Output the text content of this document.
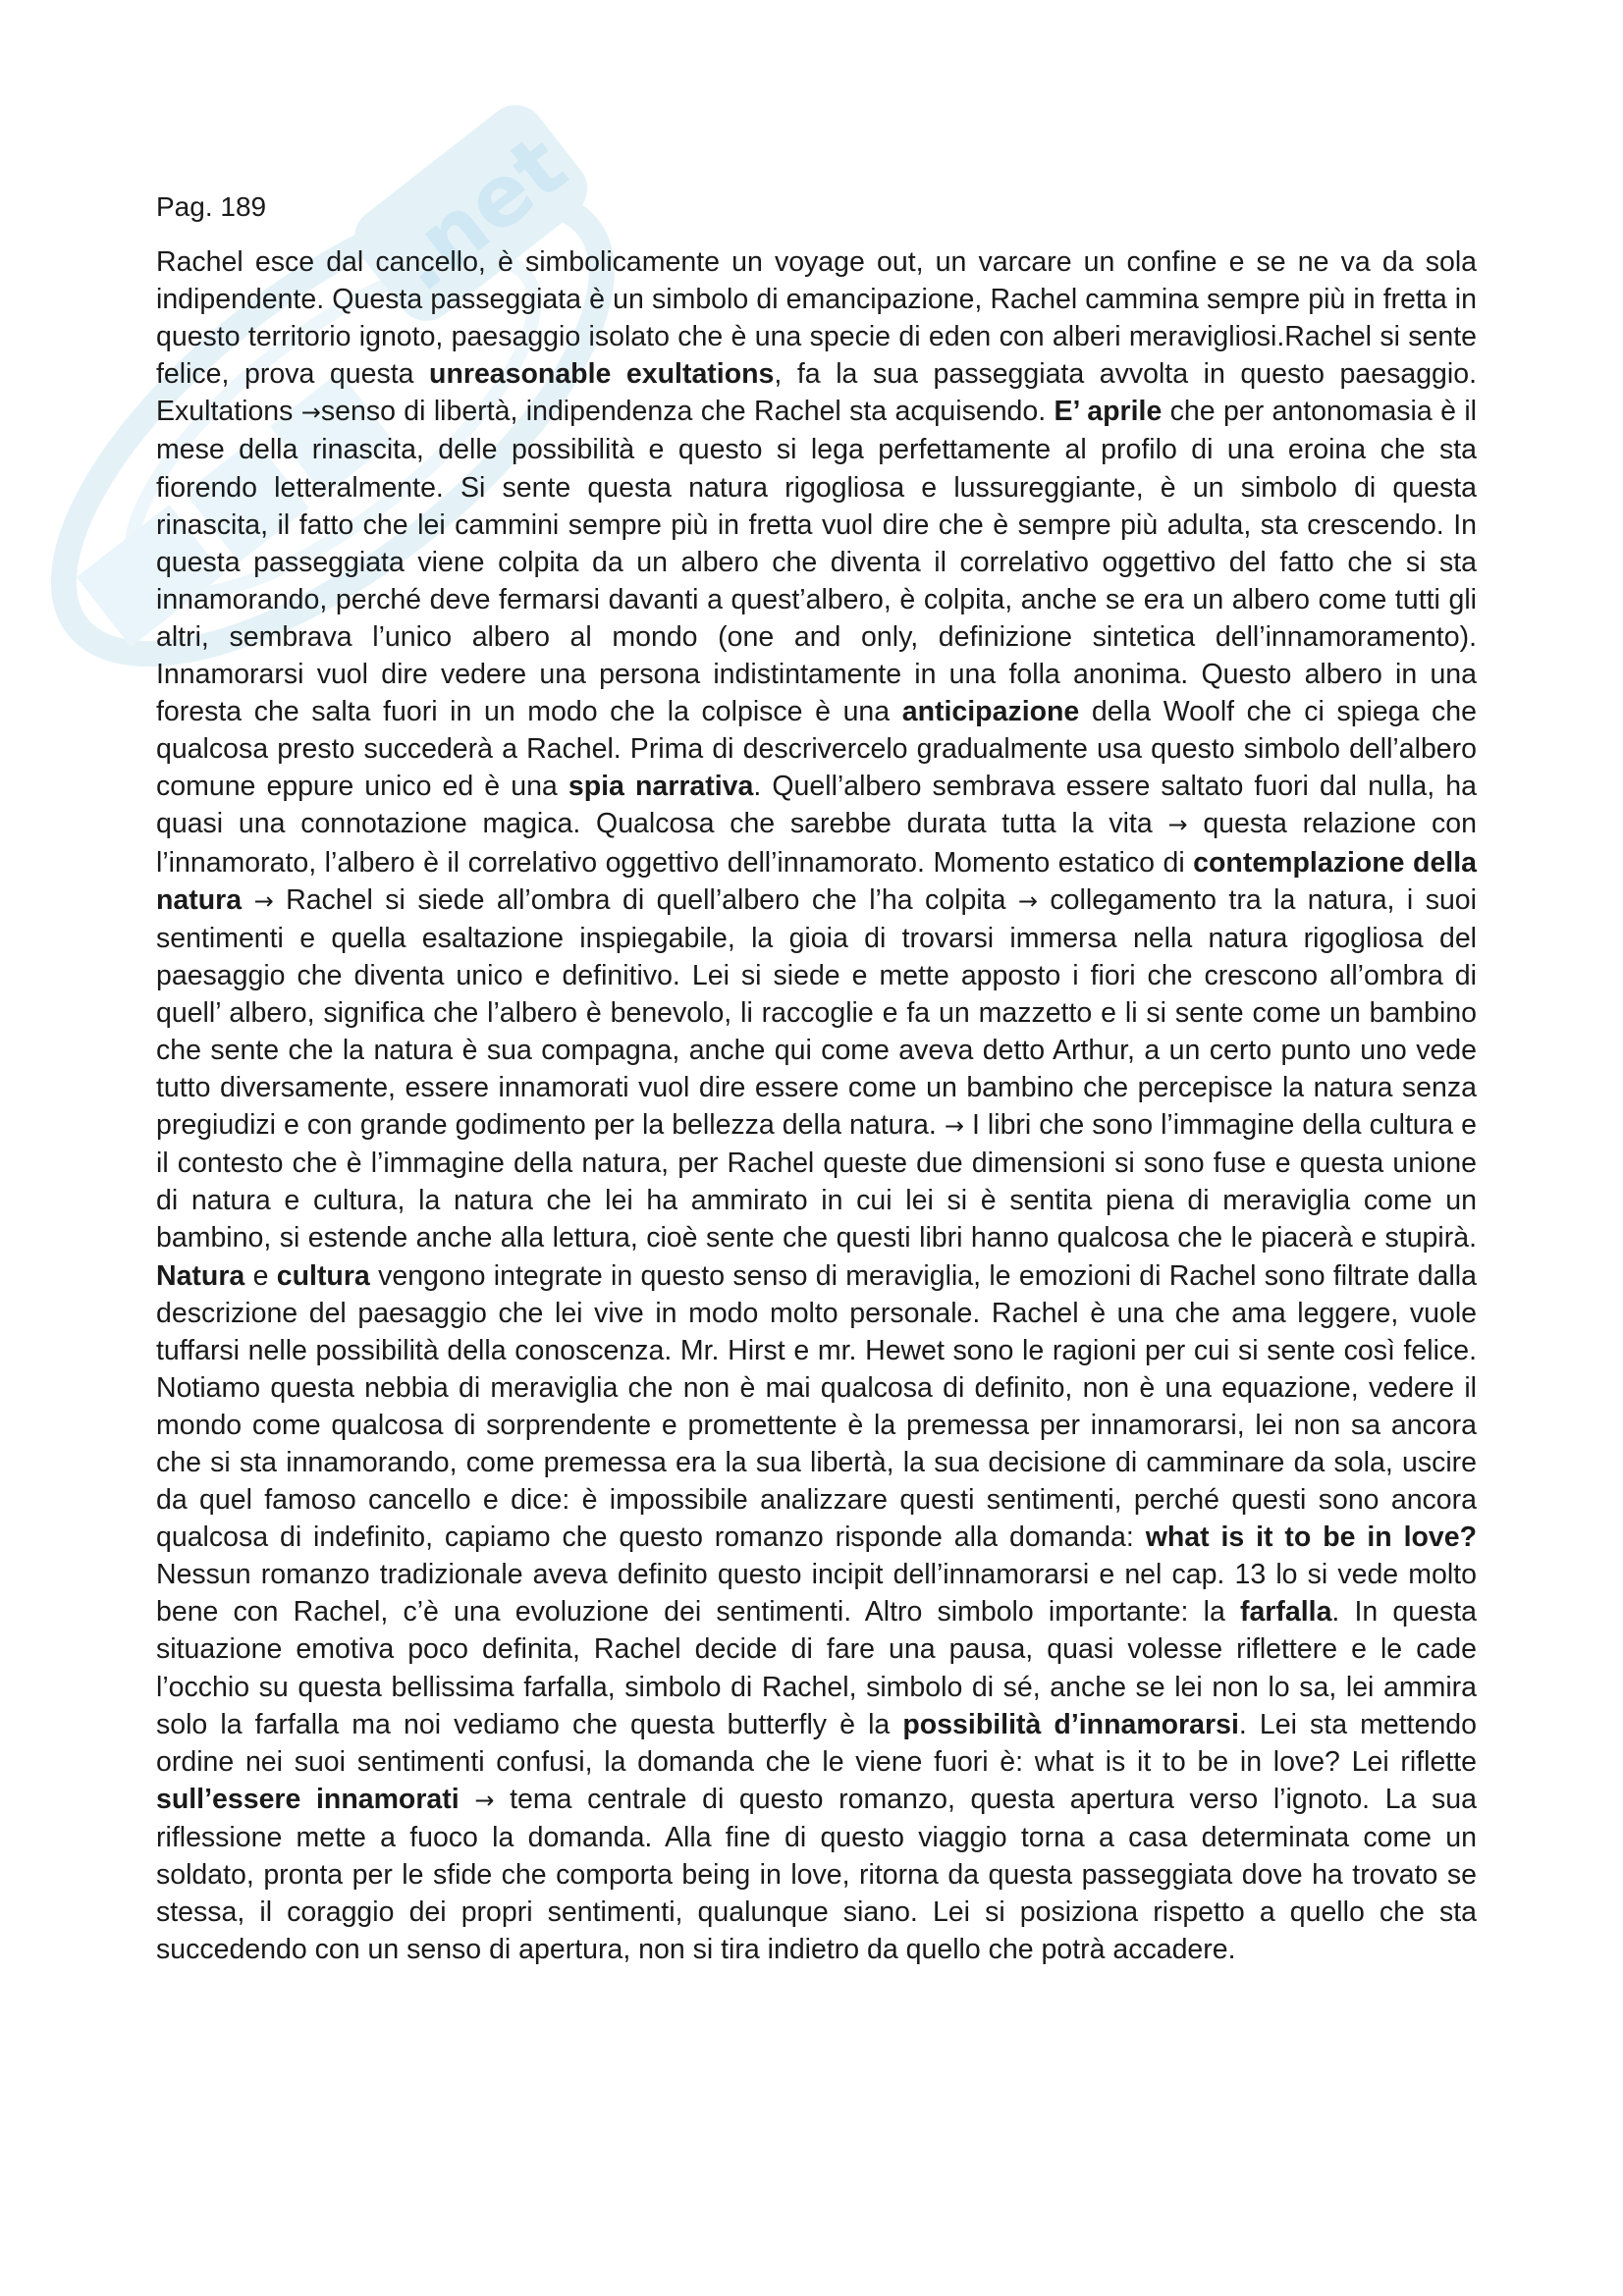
.net
Pag. 189

Rachel esce dal cancello, è simbolicamente un voyage out, un varcare un confine e se ne va da sola indipendente. Questa passeggiata è un simbolo di emancipazione, Rachel cammina sempre più in fretta in questo territorio ignoto, paesaggio isolato che è una specie di eden con alberi meravigliosi.Rachel si sente felice, prova questa unreasonable exultations, fa la sua passeggiata avvolta in questo paesaggio. Exultations →senso di libertà, indipendenza che Rachel sta acquisendo. E’ aprile che per antonomasia è il mese della rinascita, delle possibilità e questo si lega perfettamente al profilo di una eroina che sta fiorendo letteralmente. Si sente questa natura rigogliosa e lussureggiante, è un simbolo di questa rinascita, il fatto che lei cammini sempre più in fretta vuol dire che è sempre più adulta, sta crescendo. In questa passeggiata viene colpita da un albero che diventa il correlativo oggettivo del fatto che si sta innamorando, perché deve fermarsi davanti a quest’albero, è colpita, anche se era un albero come tutti gli altri, sembrava l’unico albero al mondo (one and only, definizione sintetica dell’innamoramento). Innamorarsi vuol dire vedere una persona indistintamente in una folla anonima. Questo albero in una foresta che salta fuori in un modo che la colpisce è una anticipazione della Woolf che ci spiega che qualcosa presto succederà a Rachel. Prima di descrivercelo gradualmente usa questo simbolo dell’albero comune eppure unico ed è una spia narrativa. Quell’albero sembrava essere saltato fuori dal nulla, ha quasi una connotazione magica. Qualcosa che sarebbe durata tutta la vita → questa relazione con l’innamorato, l’albero è il correlativo oggettivo dell’innamorato. Momento estatico di contemplazione della natura → Rachel si siede all’ombra di quell’albero che l’ha colpita → collegamento tra la natura, i suoi sentimenti e quella esaltazione inspiegabile, la gioia di trovarsi immersa nella natura rigogliosa del paesaggio che diventa unico e definitivo. Lei si siede e mette apposto i fiori che crescono all’ombra di quell’ albero, significa che l’albero è benevolo, li raccoglie e fa un mazzetto e li si sente come un bambino che sente che la natura è sua compagna, anche qui come aveva detto Arthur, a un certo punto uno vede tutto diversamente, essere innamorati vuol dire essere come un bambino che percepisce la natura senza pregiudizi e con grande godimento per la bellezza della natura. → I libri che sono l’immagine della cultura e il contesto che è l’immagine della natura, per Rachel queste due dimensioni si sono fuse e questa unione di natura e cultura, la natura che lei ha ammirato in cui lei si è sentita piena di meraviglia come un bambino, si estende anche alla lettura, cioè sente che questi libri hanno qualcosa che le piacerà e stupirà. Natura e cultura vengono integrate in questo senso di meraviglia, le emozioni di Rachel sono filtrate dalla descrizione del paesaggio che lei vive in modo molto personale. Rachel è una che ama leggere, vuole tuffarsi nelle possibilità della conoscenza. Mr. Hirst e mr. Hewet sono le ragioni per cui si sente così felice. Notiamo questa nebbia di meraviglia che non è mai qualcosa di definito, non è una equazione, vedere il mondo come qualcosa di sorprendente e promettente è la premessa per innamorarsi, lei non sa ancora che si sta innamorando, come premessa era la sua libertà, la sua decisione di camminare da sola, uscire da quel famoso cancello e dice: è impossibile analizzare questi sentimenti, perché questi sono ancora qualcosa di indefinito, capiamo che questo romanzo risponde alla domanda: what is it to be in love? Nessun romanzo tradizionale aveva definito questo incipit dell’innamorarsi e nel cap. 13 lo si vede molto bene con Rachel, c’è una evoluzione dei sentimenti. Altro simbolo importante: la farfalla. In questa situazione emotiva poco definita, Rachel decide di fare una pausa, quasi volesse riflettere e le cade l’occhio su questa bellissima farfalla, simbolo di Rachel, simbolo di sé, anche se lei non lo sa, lei ammira solo la farfalla ma noi vediamo che questa butterfly è la possibilità d’innamorarsi. Lei sta mettendo ordine nei suoi sentimenti confusi, la domanda che le viene fuori è: what is it to be in love? Lei riflette sull’essere innamorati → tema centrale di questo romanzo, questa apertura verso l’ignoto. La sua riflessione mette a fuoco la domanda. Alla fine di questo viaggio torna a casa determinata come un soldato, pronta per le sfide che comporta being in love, ritorna da questa passeggiata dove ha trovato se stessa, il coraggio dei propri sentimenti, qualunque siano. Lei si posiziona rispetto a quello che sta succedendo con un senso di apertura, non si tira indietro da quello che potrà accadere.
